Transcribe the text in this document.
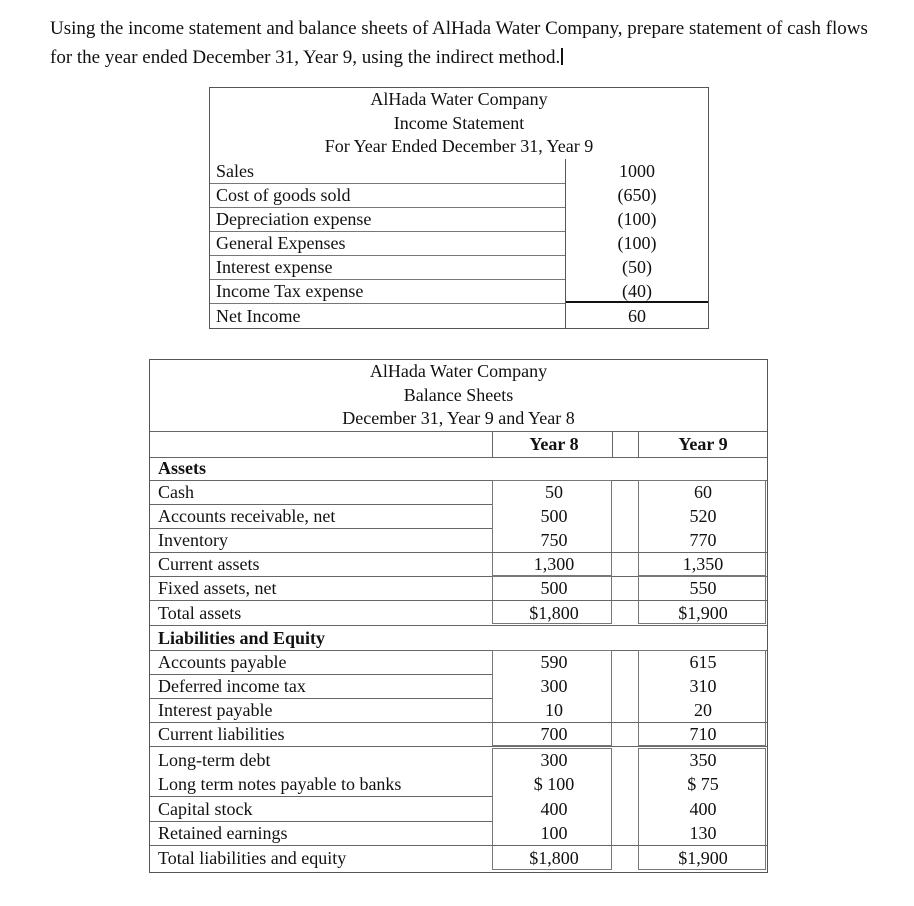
Using the income statement and balance sheets of AlHada Water Company, prepare statement of cash flows for the year ended December 31, Year 9, using the indirect method.
AlHada Water Company
Income Statement
For Year Ended December 31, Year 9
Sales	1000
Cost of goods sold	(650)
Depreciation expense	(100)
General Expenses	(100)
Interest expense	(50)
Income Tax expense	(40)
Net Income	60
AlHada Water Company
Balance Sheets
December 31, Year 9 and Year 8
Year 8	Year 9
Assets
Cash	50	60
Accounts receivable, net	500	520
Inventory	750	770
Current assets	1,300	1,350
Fixed assets, net	500	550
Total assets	$1,800	$1,900
Liabilities and Equity
Accounts payable	590	615
Deferred income tax	300	310
Interest payable	10	20
Current liabilities	700	710
Long-term debt	300	350
Long term notes payable to banks	$ 100	$ 75
Capital stock	400	400
Retained earnings	100	130
Total liabilities and equity	$1,800	$1,900
